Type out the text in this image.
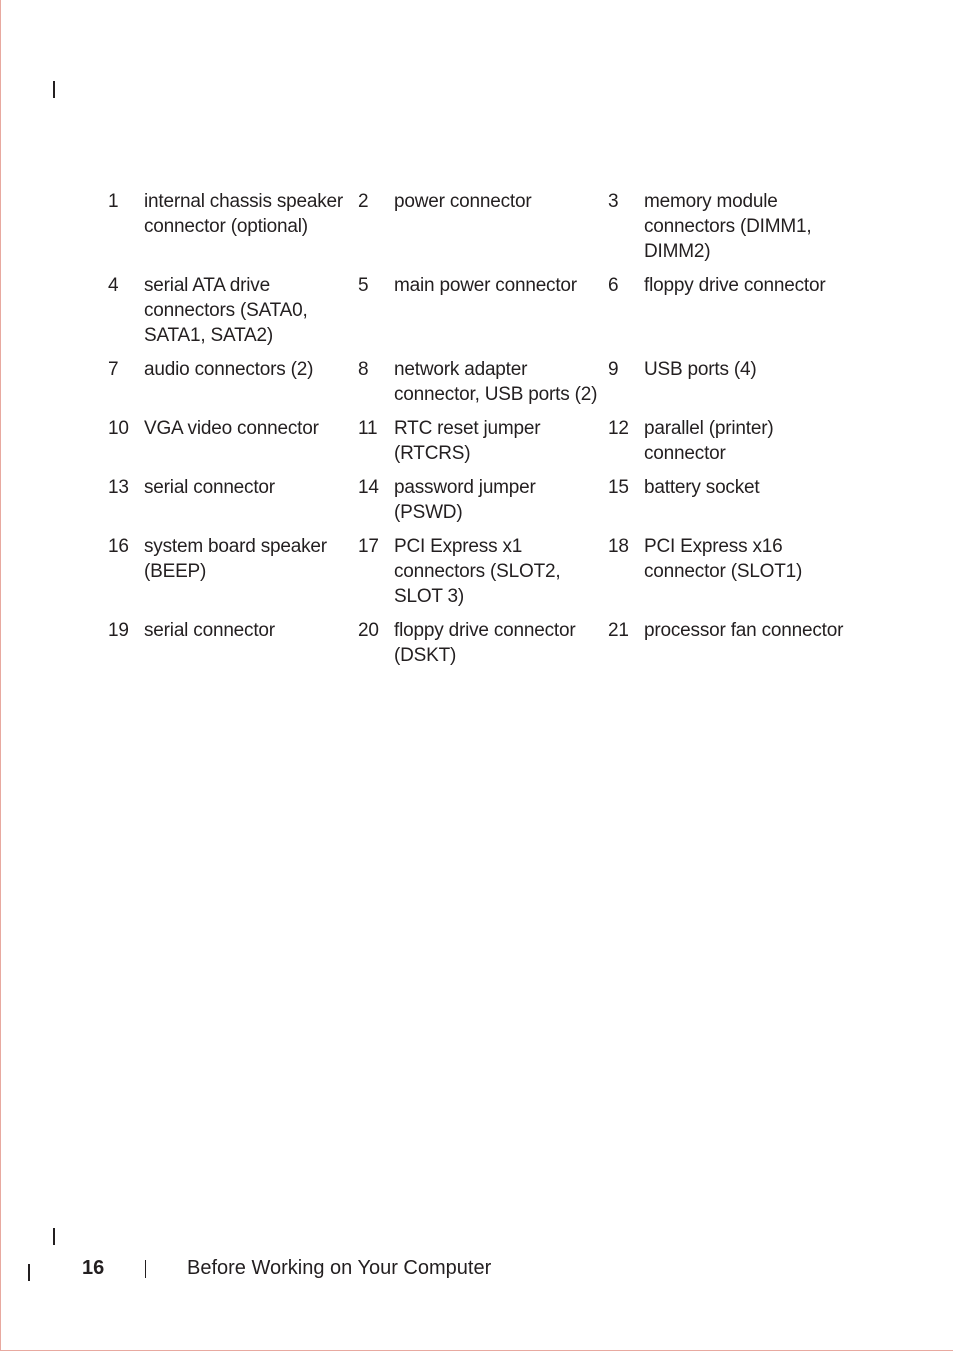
1	internal chassis speaker connector (optional)	2	power connector	3	memory module connectors (DIMM1, DIMM2)
4	serial ATA drive connectors (SATA0, SATA1, SATA2)	5	main power connector	6	floppy drive connector
7	audio connectors (2)	8	network adapter connector, USB ports (2)	9	USB ports (4)
10	VGA video connector	11	RTC reset jumper (RTCRS)	12	parallel (printer) connector
13	serial connector	14	password jumper (PSWD)	15	battery socket
16	system board speaker (BEEP)	17	PCI Express x1 connectors (SLOT2, SLOT 3)	18	PCI Express x16 connector (SLOT1)
19	serial connector	20	floppy drive connector (DSKT)	21	processor fan connector
16	Before Working on Your Computer
